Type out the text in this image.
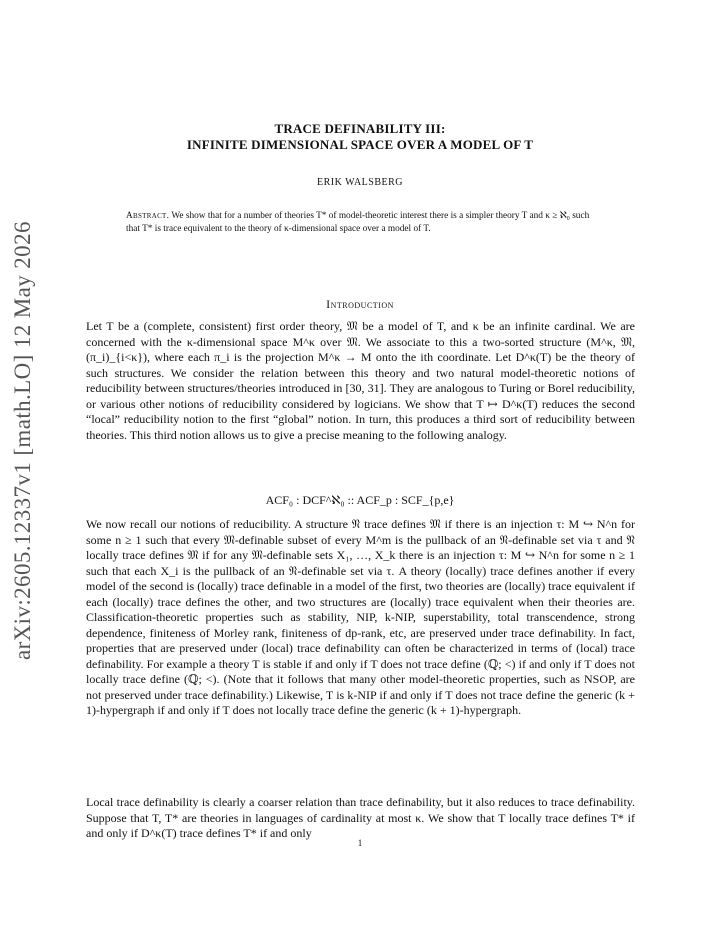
arXiv:2605.12337v1 [math.LO] 12 May 2026
TRACE DEFINABILITY III:
INFINITE DIMENSIONAL SPACE OVER A MODEL OF T
ERIK WALSBERG
Abstract. We show that for a number of theories T* of model-theoretic interest there is a simpler theory T and κ ≥ ℵ₀ such that T* is trace equivalent to the theory of κ-dimensional space over a model of T.
Introduction
Let T be a (complete, consistent) first order theory, 𝔐 be a model of T, and κ be an infinite cardinal. We are concerned with the κ-dimensional space M^κ over 𝔐. We associate to this a two-sorted structure (M^κ, 𝔐, (π_i)_{i<κ}), where each π_i is the projection M^κ → M onto the ith coordinate. Let D^κ(T) be the theory of such structures. We consider the relation between this theory and two natural model-theoretic notions of reducibility between structures/theories introduced in [30, 31]. They are analogous to Turing or Borel reducibility, or various other notions of reducibility considered by logicians. We show that T ↦ D^κ(T) reduces the second “local” reducibility notion to the first “global” notion. In turn, this produces a third sort of reducibility between theories. This third notion allows us to give a precise meaning to the following analogy.
ACF₀ : DCF^ℵ₀ :: ACF_p : SCF_{p,e}
We now recall our notions of reducibility. A structure 𝔑 trace defines 𝔐 if there is an injection τ: M ↪ N^n for some n ≥ 1 such that every 𝔐-definable subset of every M^m is the pullback of an 𝔑-definable set via τ and 𝔑 locally trace defines 𝔐 if for any 𝔐-definable sets X₁, …, X_k there is an injection τ: M ↪ N^n for some n ≥ 1 such that each X_i is the pullback of an 𝔑-definable set via τ. A theory (locally) trace defines another if every model of the second is (locally) trace definable in a model of the first, two theories are (locally) trace equivalent if each (locally) trace defines the other, and two structures are (locally) trace equivalent when their theories are. Classification-theoretic properties such as stability, NIP, k-NIP, superstability, total transcendence, strong dependence, finiteness of Morley rank, finiteness of dp-rank, etc, are preserved under trace definability. In fact, properties that are preserved under (local) trace definability can often be characterized in terms of (local) trace definability. For example a theory T is stable if and only if T does not trace define (ℚ; <) if and only if T does not locally trace define (ℚ; <). (Note that it follows that many other model-theoretic properties, such as NSOP, are not preserved under trace definability.) Likewise, T is k-NIP if and only if T does not trace define the generic (k + 1)-hypergraph if and only if T does not locally trace define the generic (k + 1)-hypergraph.
Local trace definability is clearly a coarser relation than trace definability, but it also reduces to trace definability. Suppose that T, T* are theories in languages of cardinality at most κ. We show that T locally trace defines T* if and only if D^κ(T) trace defines T* if and only
1
